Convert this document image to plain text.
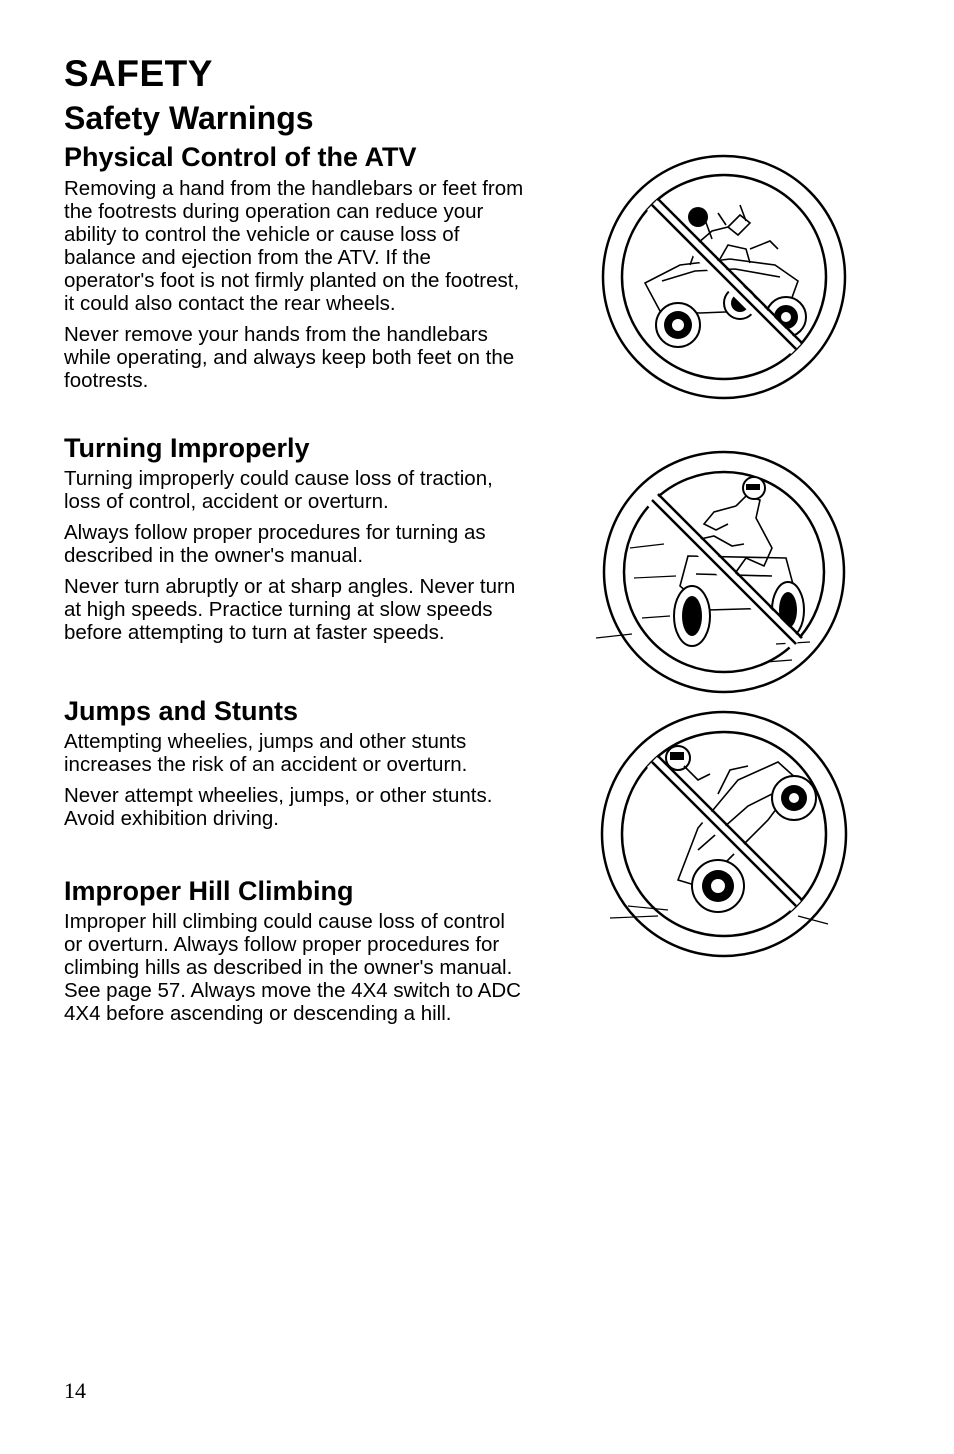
SAFETY
Safety Warnings
Physical Control of the ATV

Removing a hand from the handlebars or feet from the footrests during operation can reduce your ability to control the vehicle or cause loss of balance and ejection from the ATV. If the operator's foot is not firmly planted on the footrest, it could also contact the rear wheels.

Never remove your hands from the handlebars while operating, and always keep both feet on the footrests.

Turning Improperly

Turning improperly could cause loss of traction, loss of control, accident or overturn.

Always follow proper procedures for turning as described in the owner's manual.

Never turn abruptly or at sharp angles. Never turn at high speeds. Practice turning at slow speeds before attempting to turn at faster speeds.

Jumps and Stunts

Attempting wheelies, jumps and other stunts increases the risk of an accident or overturn.

Never attempt wheelies, jumps, or other stunts. Avoid exhibition driving.

Improper Hill Climbing

Improper hill climbing could cause loss of control or overturn. Always follow proper procedures for climbing hills as described in the owner's manual. See page 57. Always move the 4X4 switch to ADC 4X4 before ascending or descending a hill.

14
